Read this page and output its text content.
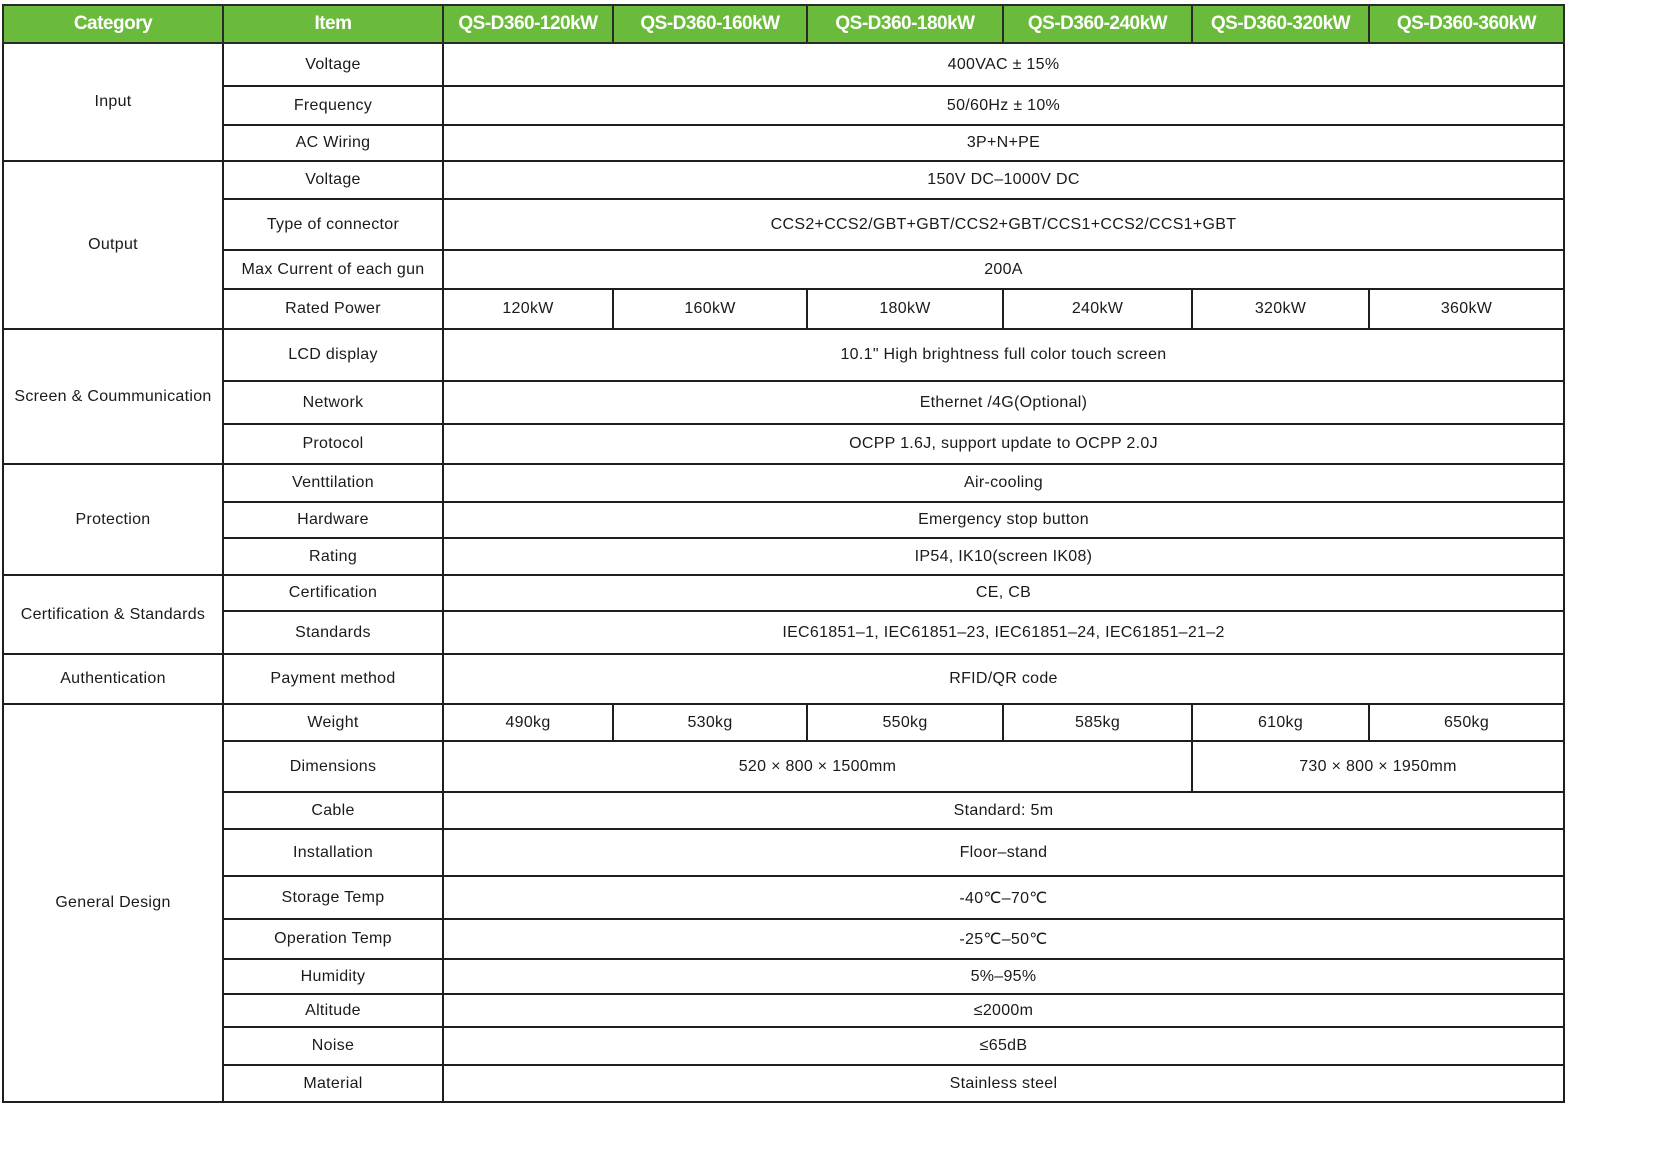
Category	Item	QS-D360-120kW	QS-D360-160kW	QS-D360-180kW	QS-D360-240kW	QS-D360-320kW	QS-D360-360kW
Input	Voltage	400VAC ± 15%					
	Frequency	50/60Hz ± 10%					
	AC Wiring	3P+N+PE					
Output	Voltage	150V DC–1000V DC					
	Type of connector	CCS2+CCS2/GBT+GBT/CCS2+GBT/CCS1+CCS2/CCS1+GBT					
	Max Current of each gun	200A					
	Rated Power	120kW	160kW	180kW	240kW	320kW	360kW
Screen & Coummunication	LCD display	10.1" High brightness full color touch screen					
	Network	Ethernet /4G(Optional)					
	Protocol	OCPP 1.6J, support update to OCPP 2.0J					
Protection	Venttilation	Air-cooling					
	Hardware	Emergency stop button					
	Rating	IP54, IK10(screen IK08)					
Certification & Standards	Certification	CE, CB					
	Standards	IEC61851–1, IEC61851–23, IEC61851–24, IEC61851–21–2					
Authentication	Payment method	RFID/QR code					
General Design	Weight	490kg	530kg	550kg	585kg	610kg	650kg
	Dimensions	520 × 800 × 1500mm				730 × 800 × 1950mm	
	Cable	Standard: 5m					
	Installation	Floor–stand					
	Storage Temp	-40℃–70℃					
	Operation Temp	-25℃–50℃					
	Humidity	5%–95%					
	Altitude	≤2000m					
	Noise	≤65dB					
	Material	Stainless steel					
